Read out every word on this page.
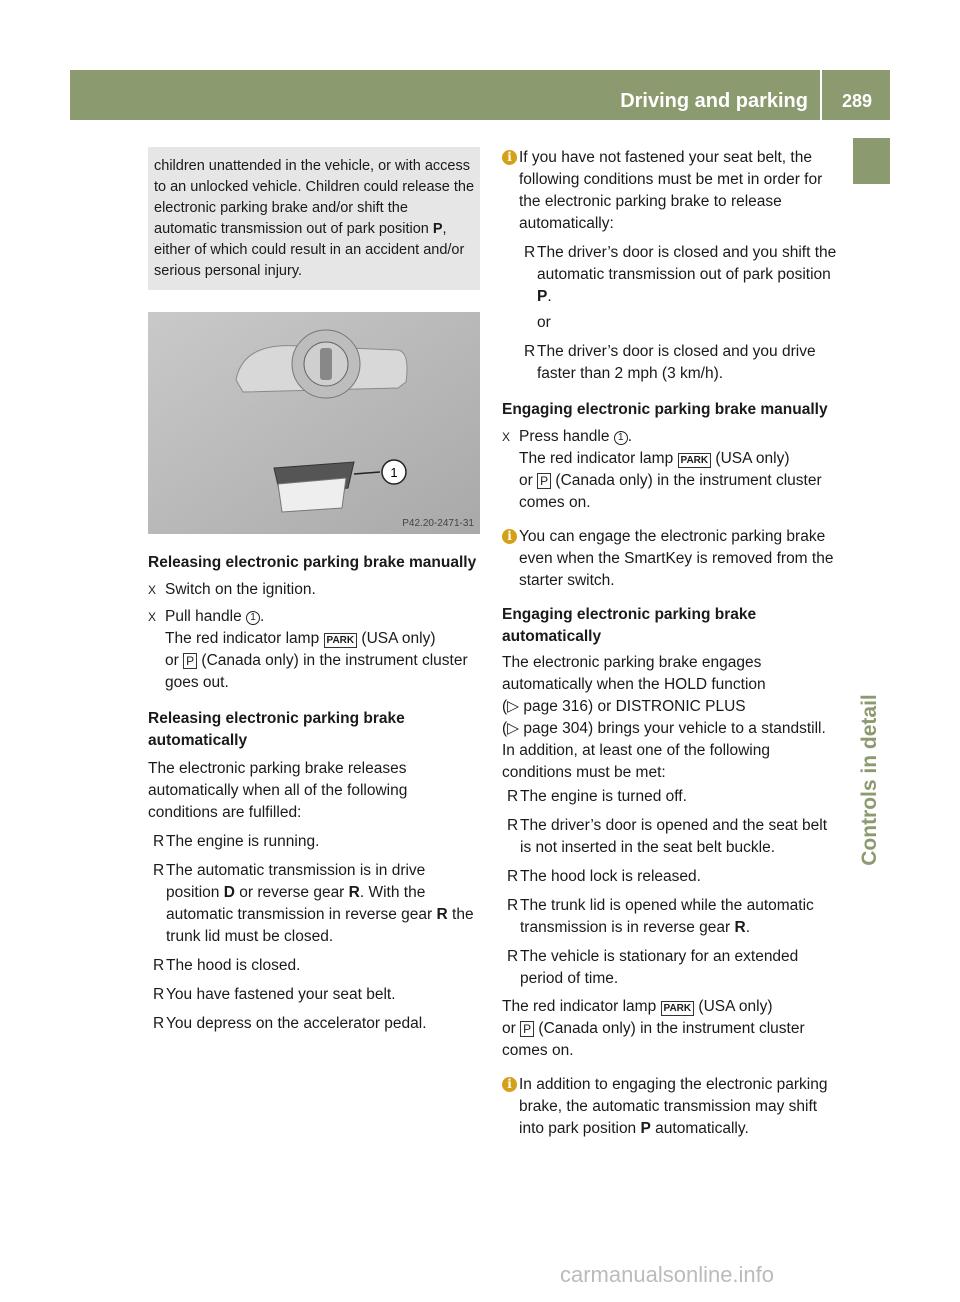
Driving and parking	289
Controls in detail
children unattended in the vehicle, or with access to an unlocked vehicle. Children could release the electronic parking brake and/or shift the automatic transmission out of park position P, either of which could result in an accident and/or serious personal injury.
1
P42.20-2471-31
Releasing electronic parking brake manually
X Switch on the ignition.
X Pull handle 1 .
The red indicator lamp PARK (USA only)
or P (Canada only) in the instrument cluster goes out.
Releasing electronic parking brake automatically

The electronic parking brake releases automatically when all of the following conditions are fulfilled:

R The engine is running.
R The automatic transmission is in drive position D or reverse gear R. With the automatic transmission in reverse gear R the trunk lid must be closed.
R The hood is closed.
R You have fastened your seat belt.
R You depress on the accelerator pedal.
i If you have not fastened your seat belt, the following conditions must be met in order for the electronic parking brake to release automatically:
R The driver’s door is closed and you shift the automatic transmission out of park position P.
or
R The driver’s door is closed and you drive faster than 2 mph (3 km/h).
Engaging electronic parking brake manually
X Press handle 1 .
The red indicator lamp PARK (USA only)
or P (Canada only) in the instrument cluster comes on.
i You can engage the electronic parking brake even when the SmartKey is removed from the starter switch.
Engaging electronic parking brake automatically

The electronic parking brake engages automatically when the HOLD function
(▷ page 316) or DISTRONIC PLUS
(▷ page 304) brings your vehicle to a standstill. In addition, at least one of the following conditions must be met:

R The engine is turned off.
R The driver’s door is opened and the seat belt is not inserted in the seat belt buckle.
R The hood lock is released.
R The trunk lid is opened while the automatic transmission is in reverse gear R.
R The vehicle is stationary for an extended period of time.

The red indicator lamp PARK (USA only)
or P (Canada only) in the instrument cluster comes on.

i In addition to engaging the electronic parking brake, the automatic transmission may shift into park position P automatically.
carmanualsonline.info
